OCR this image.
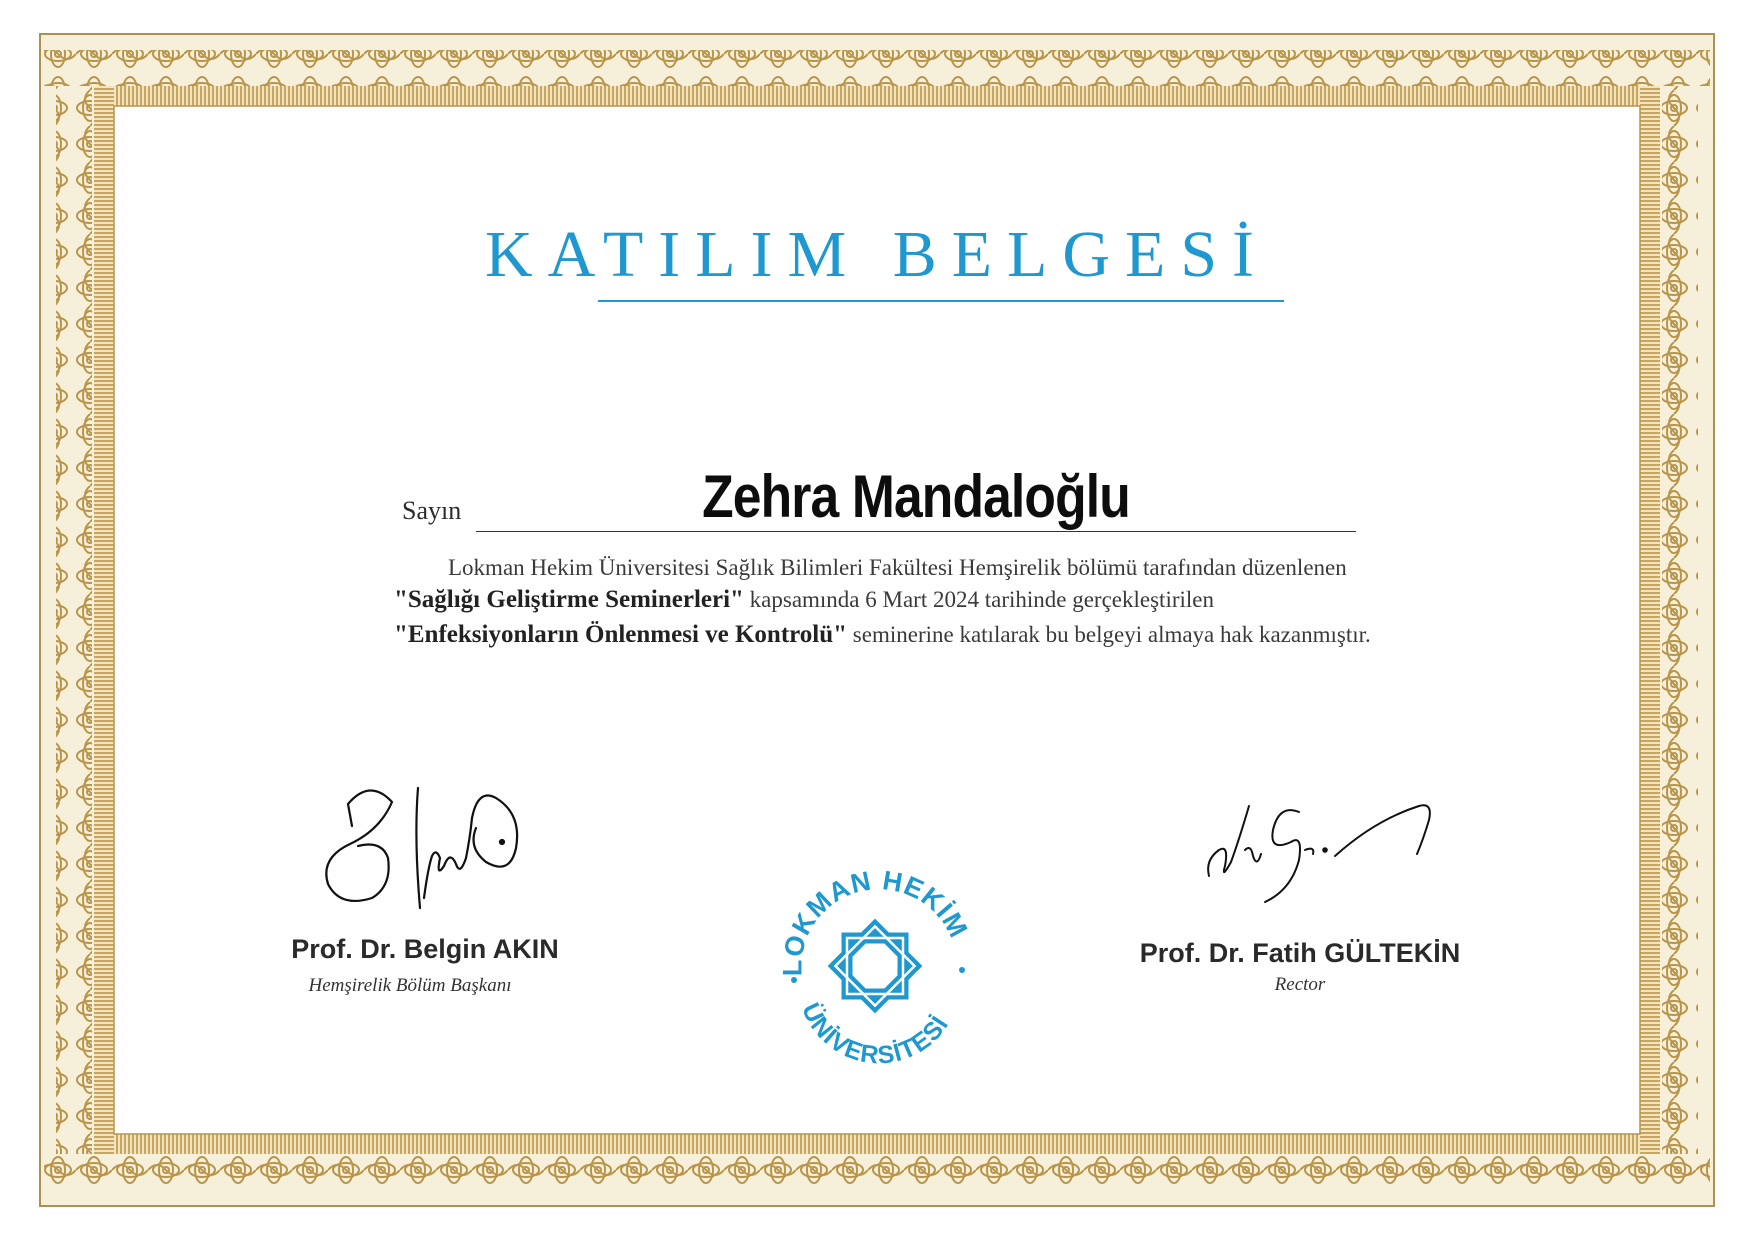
KATILIM BELGESİ
Sayın	Zehra Mandaloğlu
Lokman Hekim Üniversitesi Sağlık Bilimleri Fakültesi Hemşirelik bölümü tarafından düzenlenen
"Sağlığı Geliştirme Seminerleri" kapsamında 6 Mart 2024 tarihinde gerçekleştirilen
"Enfeksiyonların Önlenmesi ve Kontrolü" seminerine katılarak bu belgeyi almaya hak kazanmıştır.
Prof. Dr. Belgin AKIN
Hemşirelik Bölüm Başkanı
Prof. Dr. Fatih GÜLTEKİN
Rector
LOKMAN HEKİM
ÜNİVERSİTESİ
